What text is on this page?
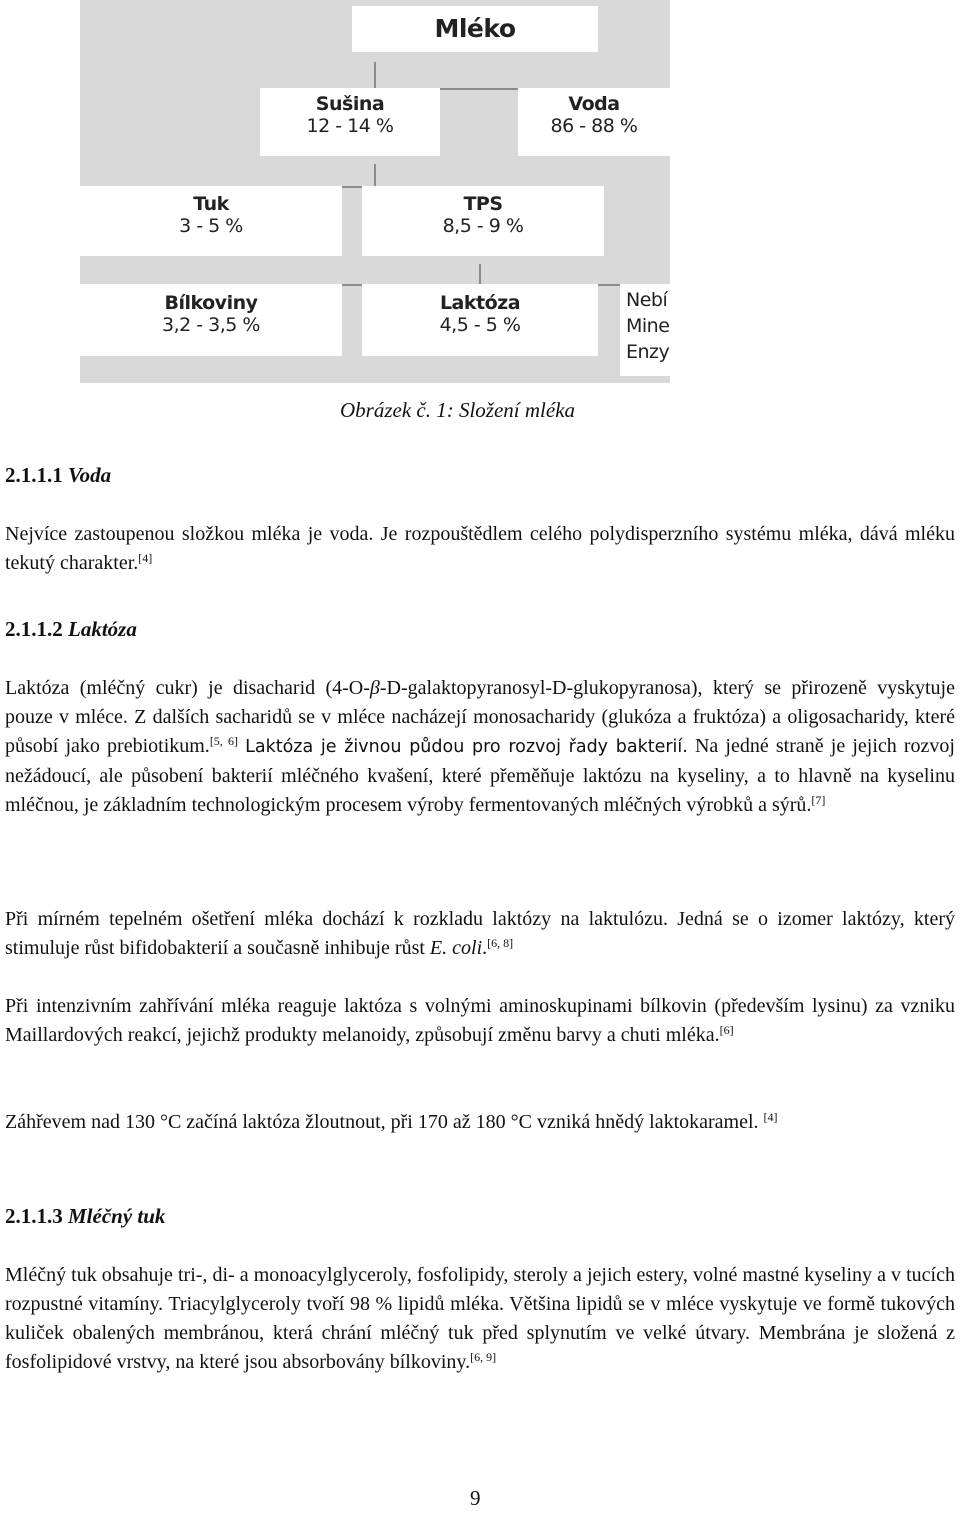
Mléko
Sušina
12 - 14 %
Voda
86 - 88 %
Tuk
3 - 5 %
TPS
8,5 - 9 %
Bílkoviny
3,2 - 3,5 %
Laktóza
4,5 - 5 %
Nebí
Mine
Enzy
Obrázek č. 1: Složení mléka
2.1.1.1 Voda
Nejvíce zastoupenou složkou mléka je voda. Je rozpouštědlem celého polydisperzního systému mléka, dává mléku tekutý charakter.[4]
2.1.1.2 Laktóza
Laktóza (mléčný cukr) je disacharid (4-O-β-D-galaktopyranosyl-D-glukopyranosa), který se přirozeně vyskytuje pouze v mléce. Z dalších sacharidů se v mléce nacházejí monosacharidy (glukóza a fruktóza) a oligosacharidy, které působí jako prebiotikum.[5, 6] Laktóza je živnou půdou pro rozvoj řady bakterií. Na jedné straně je jejich rozvoj nežádoucí, ale působení bakterií mléčného kvašení, které přeměňuje laktózu na kyseliny, a to hlavně na kyselinu mléčnou, je základním technologickým procesem výroby fermentovaných mléčných výrobků a sýrů.[7]
Při mírném tepelném ošetření mléka dochází k rozkladu laktózy na laktulózu. Jedná se o izomer laktózy, který stimuluje růst bifidobakterií a současně inhibuje růst E. coli.[6, 8]
Při intenzivním zahřívání mléka reaguje laktóza s volnými aminoskupinami bílkovin (především lysinu) za vzniku Maillardových reakcí, jejichž produkty melanoidy, způsobují změnu barvy a chuti mléka.[6]
Záhřevem nad 130 °C začíná laktóza žloutnout, při 170 až 180 °C vzniká hnědý laktokaramel. [4]
2.1.1.3 Mléčný tuk
Mléčný tuk obsahuje tri-, di- a monoacylglyceroly, fosfolipidy, steroly a jejich estery, volné mastné kyseliny a v tucích rozpustné vitamíny. Triacylglyceroly tvoří 98 % lipidů mléka. Většina lipidů se v mléce vyskytuje ve formě tukových kuliček obalených membránou, která chrání mléčný tuk před splynutím ve velké útvary. Membrána je složená z fosfolipidové vrstvy, na které jsou absorbovány bílkoviny.[6, 9]
9
